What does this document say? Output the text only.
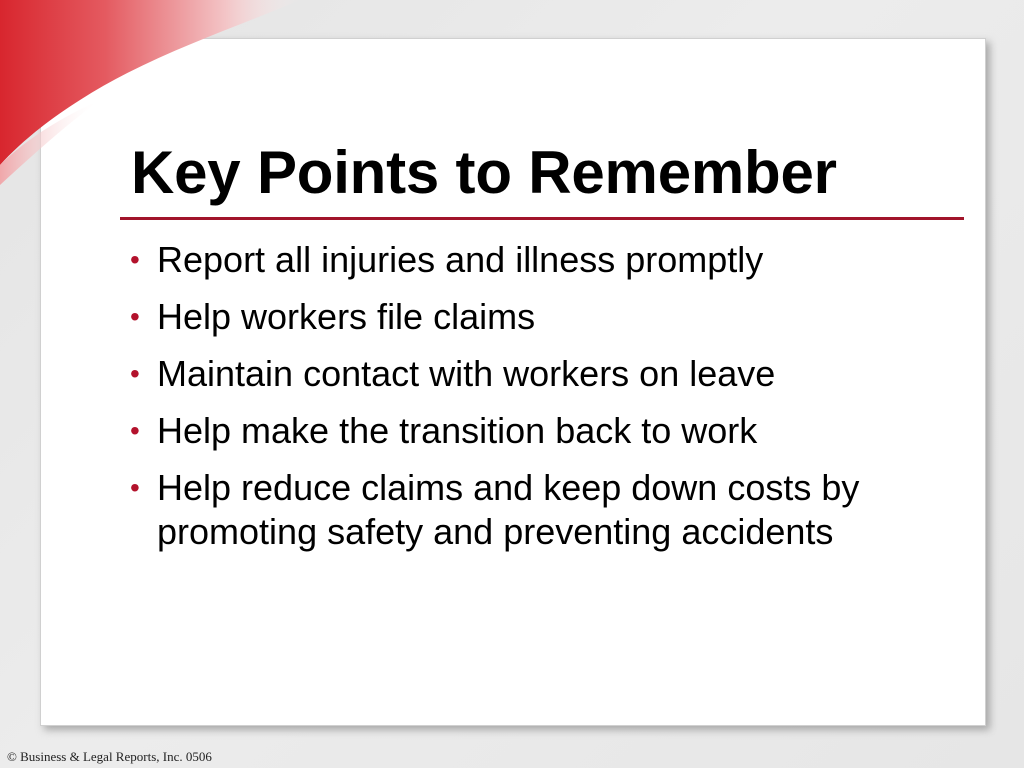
Key Points to Remember
• Report all injuries and illness promptly
• Help workers file claims
• Maintain contact with workers on leave
• Help make the transition back to work
• Help reduce claims and keep down costs by promoting safety and preventing accidents
© Business & Legal Reports, Inc. 0506
